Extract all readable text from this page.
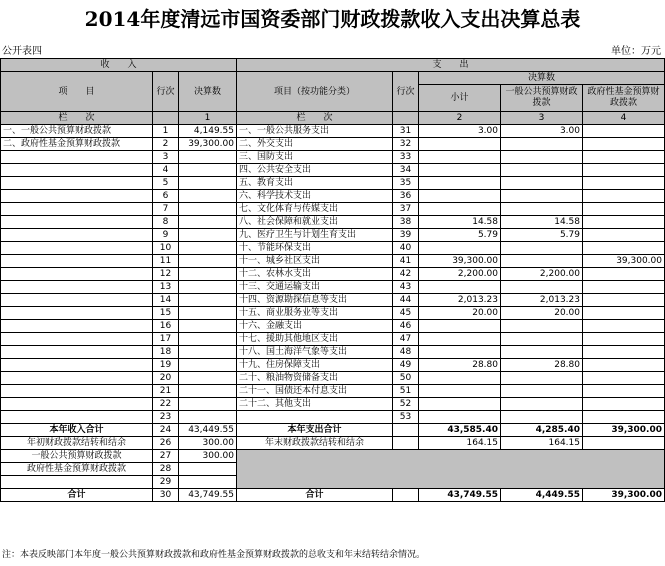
2014年度清远市国资委部门财政拨款收入支出决算总表
公开表四	单位：万元
收　　入			支　　出				
项　　目	行次	决算数	项目（按功能分类）	行次	决算数		
					小计	一般公共预算财政拨款	政府性基金预算财政拨款
栏　　次		1	栏　　次		2	3	4
一、一般公共预算财政拨款	1	4,149.55	一、一般公共服务支出	31	3.00	3.00	
二、政府性基金预算财政拨款	2	39,300.00	二、外交支出	32			
	3		三、国防支出	33			
	4		四、公共安全支出	34			
	5		五、教育支出	35			
	6		六、科学技术支出	36			
	7		七、文化体育与传媒支出	37			
	8		八、社会保障和就业支出	38	14.58	14.58	
	9		九、医疗卫生与计划生育支出	39	5.79	5.79	
	10		十、节能环保支出	40			
	11		十一、城乡社区支出	41	39,300.00		39,300.00
	12		十二、农林水支出	42	2,200.00	2,200.00	
	13		十三、交通运输支出	43			
	14		十四、资源勘探信息等支出	44	2,013.23	2,013.23	
	15		十五、商业服务业等支出	45	20.00	20.00	
	16		十六、金融支出	46			
	17		十七、援助其他地区支出	47			
	18		十八、国土海洋气象等支出	48			
	19		十九、住房保障支出	49	28.80	28.80	
	20		二十、粮油物资储备支出	50			
	21		二十一、国债还本付息支出	51			
	22		二十二、其他支出	52			
	23			53			
本年收入合计	24	43,449.55	本年支出合计		43,585.40	4,285.40	39,300.00
年初财政拨款结转和结余	26	300.00	年末财政拨款结转和结余		164.15	164.15	
一般公共预算财政拨款	27	300.00					
政府性基金预算财政拨款	28						
	29						
合计	30	43,749.55	合计		43,749.55	4,449.55	39,300.00
注：本表反映部门本年度一般公共预算财政拨款和政府性基金预算财政拨款的总收支和年末结转结余情况。
